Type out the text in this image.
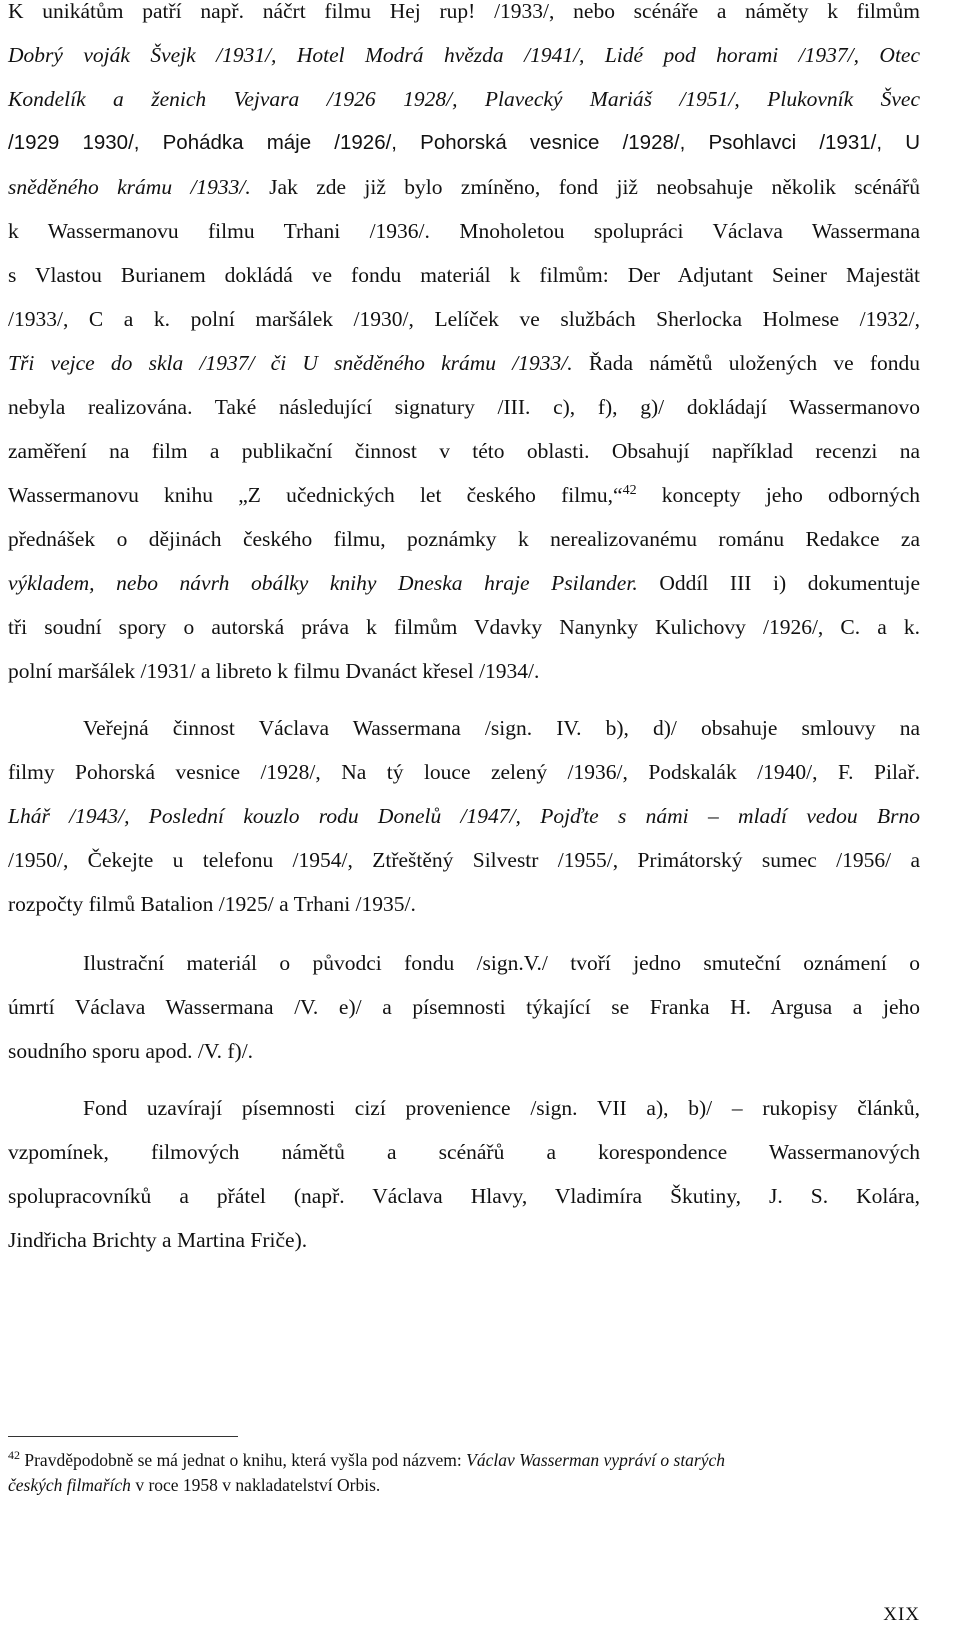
K unikátům patří např. náčrt filmu Hej rup! /1933/, nebo scénáře a náměty k filmům
Dobrý voják Švejk /1931/, Hotel Modrá hvězda /1941/, Lidé pod horami /1937/, Otec
Kondelík a ženich Vejvara /1926 1928/, Plavecký Mariáš /1951/, Plukovník Švec
/1929 1930/, Pohádka máje /1926/, Pohorská vesnice /1928/, Psohlavci /1931/, U
sněděného krámu /1933/. Jak zde již bylo zmíněno, fond již neobsahuje několik scénářů
k Wassermanovu filmu Trhani /1936/. Mnoholetou spolupráci Václava Wassermana
s Vlastou Burianem dokládá ve fondu materiál k filmům: Der Adjutant Seiner Majestät
/1933/, C a k. polní maršálek /1930/, Lelíček ve službách Sherlocka Holmese /1932/,
Tři vejce do skla /1937/ či U sněděného krámu /1933/. Řada námětů uložených ve fondu
nebyla realizována. Také následující signatury /III. c), f), g)/ dokládají Wassermanovo
zaměření na film a publikační činnost v této oblasti. Obsahují například recenzi na
Wassermanovu knihu „Z učednických let českého filmu,“$^{42}$ koncepty jeho odborných
přednášek o dějinách českého filmu, poznámky k nerealizovanému románu Redakce za
výkladem, nebo návrh obálky knihy Dneska hraje Psilander. Oddíl III i) dokumentuje
tři soudní spory o autorská práva k filmům Vdavky Nanynky Kulichovy /1926/, C. a k.
polní maršálek /1931/ a libreto k filmu Dvanáct křesel /1934/.
Veřejná činnost Václava Wassermana /sign. IV. b), d)/ obsahuje smlouvy na
filmy Pohorská vesnice /1928/, Na tý louce zelený /1936/, Podskalák /1940/, F. Pilař.
Lhář /1943/, Poslední kouzlo rodu Donelů /1947/, Pojďte s námi – mladí vedou Brno
/1950/, Čekejte u telefonu /1954/, Ztřeštěný Silvestr /1955/, Primátorský sumec /1956/ a
rozpočty filmů Batalion /1925/ a Trhani /1935/.
Ilustrační materiál o původci fondu /sign.V./ tvoří jedno smuteční oznámení o
úmrtí Václava Wassermana /V. e)/ a písemnosti týkající se Franka H. Argusa a jeho
soudního sporu apod. /V. f)/.
Fond uzavírají písemnosti cizí provenience /sign. VII a), b)/ – rukopisy článků,
vzpomínek, filmových námětů a scénářů a korespondence Wassermanových
spolupracovníků a přátel (např. Václava Hlavy, Vladimíra Škutiny, J. S. Kolára,
Jindřicha Brichty a Martina Friče).
$^{42}$ Pravděpodobně se má jednat o knihu, která vyšla pod názvem: Václav Wasserman vypráví o starých
českých filmařích v roce 1958 v nakladatelství Orbis.
XIX
